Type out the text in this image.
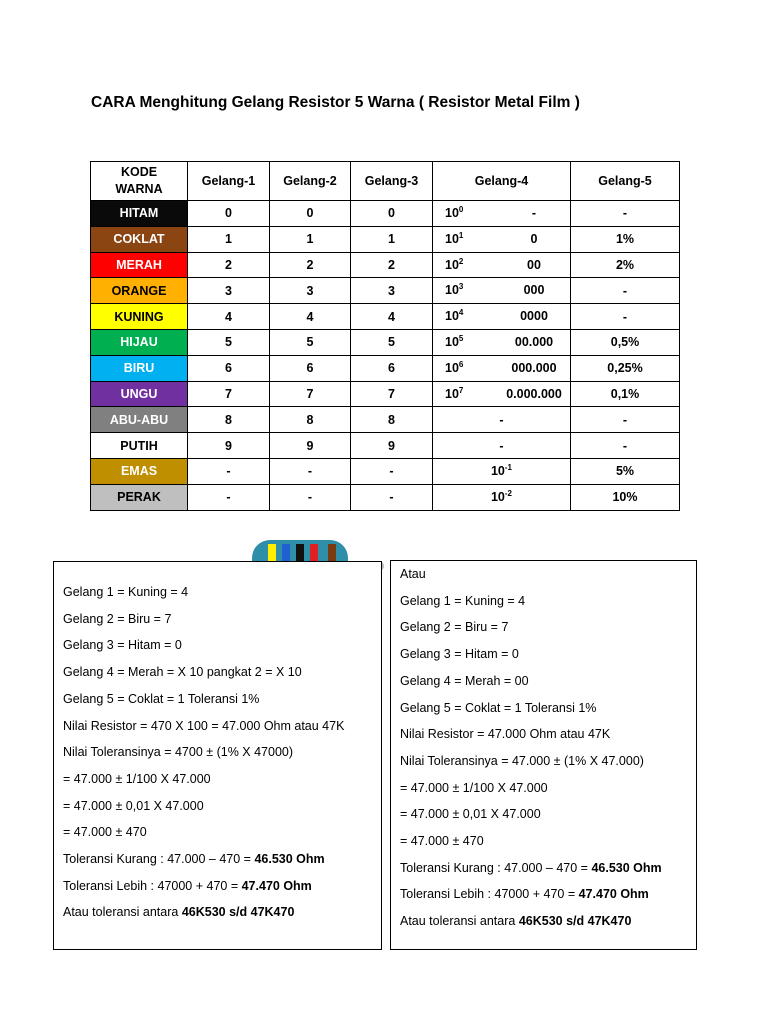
CARA Menghitung Gelang Resistor 5 Warna ( Resistor Metal Film )
KODE
WARNA	Gelang-1	Gelang-2	Gelang-3	Gelang-4	Gelang-5
HITAM	0	0	0	$10^0$ -	-
COKLAT	1	1	1	$10^1$ 0	1%
MERAH	2	2	2	$10^2$ 00	2%
ORANGE	3	3	3	$10^3$ 000	-
KUNING	4	4	4	$10^4$ 0000	-
HIJAU	5	5	5	$10^5$ 00.000	0,5%
BIRU	6	6	6	$10^6$ 000.000	0,25%
UNGU	7	7	7	$10^7$ 0.000.000	0,1%
ABU-ABU	8	8	8	-	-
PUTIH	9	9	9	-	-
EMAS	-	-	-	$10^{-1}$	5%
PERAK	-	-	-	$10^{-2}$	10%
Gelang 1 = Kuning = 4
Gelang 2 = Biru = 7
Gelang 3 = Hitam = 0
Gelang 4 = Merah = X 10 pangkat 2 = X 10
Gelang 5 = Coklat = 1 Toleransi 1%
Nilai Resistor = 470 X 100 = 47.000 Ohm atau 47K
Nilai Toleransinya = 4700 ± (1% X 47000)
= 47.000 ± 1/100 X 47.000
= 47.000 ± 0,01 X 47.000
= 47.000 ± 470
Toleransi Kurang : 47.000 – 470 = 46.530 Ohm
Toleransi Lebih : 47000 + 470 = 47.470 Ohm
Atau toleransi antara 46K530 s/d 47K470
Atau
Gelang 1 = Kuning = 4
Gelang 2 = Biru = 7
Gelang 3 = Hitam = 0
Gelang 4 = Merah = 00
Gelang 5 = Coklat = 1 Toleransi 1%
Nilai Resistor = 47.000 Ohm atau 47K
Nilai Toleransinya = 47.000 ± (1% X 47.000)
= 47.000 ± 1/100 X 47.000
= 47.000 ± 0,01 X 47.000
= 47.000 ± 470
Toleransi Kurang : 47.000 – 470 = 46.530 Ohm
Toleransi Lebih : 47000 + 470 = 47.470 Ohm
Atau toleransi antara 46K530 s/d 47K470
